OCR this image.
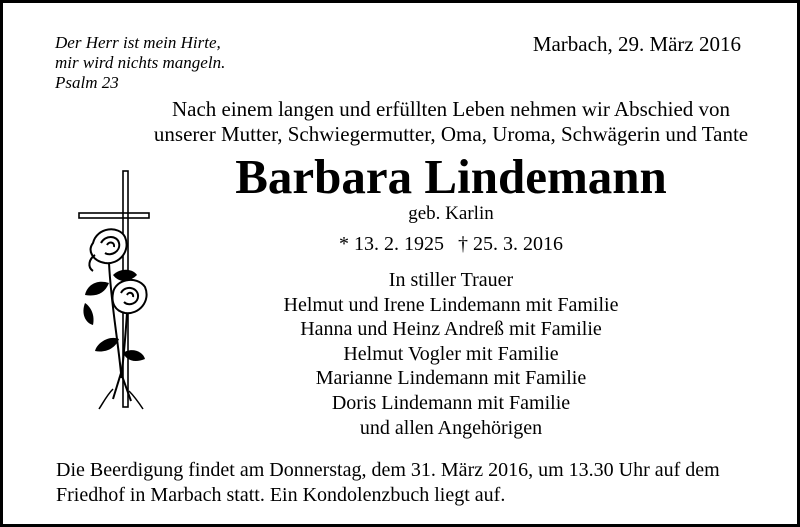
Der Herr ist mein Hirte,
mir wird nichts mangeln.
Psalm 23
Marbach, 29. März 2016
Nach einem langen und erfüllten Leben nehmen wir Abschied von
unserer Mutter, Schwiegermutter, Oma, Uroma, Schwägerin und Tante
Barbara Lindemann
geb. Karlin
* 13. 2. 1925 † 25. 3. 2016
In stiller Trauer
Helmut und Irene Lindemann mit Familie
Hanna und Heinz Andreß mit Familie
Helmut Vogler mit Familie
Marianne Lindemann mit Familie
Doris Lindemann mit Familie
und allen Angehörigen
Die Beerdigung findet am Donnerstag, dem 31. März 2016, um 13.30 Uhr auf dem
Friedhof in Marbach statt. Ein Kondolenzbuch liegt auf.
